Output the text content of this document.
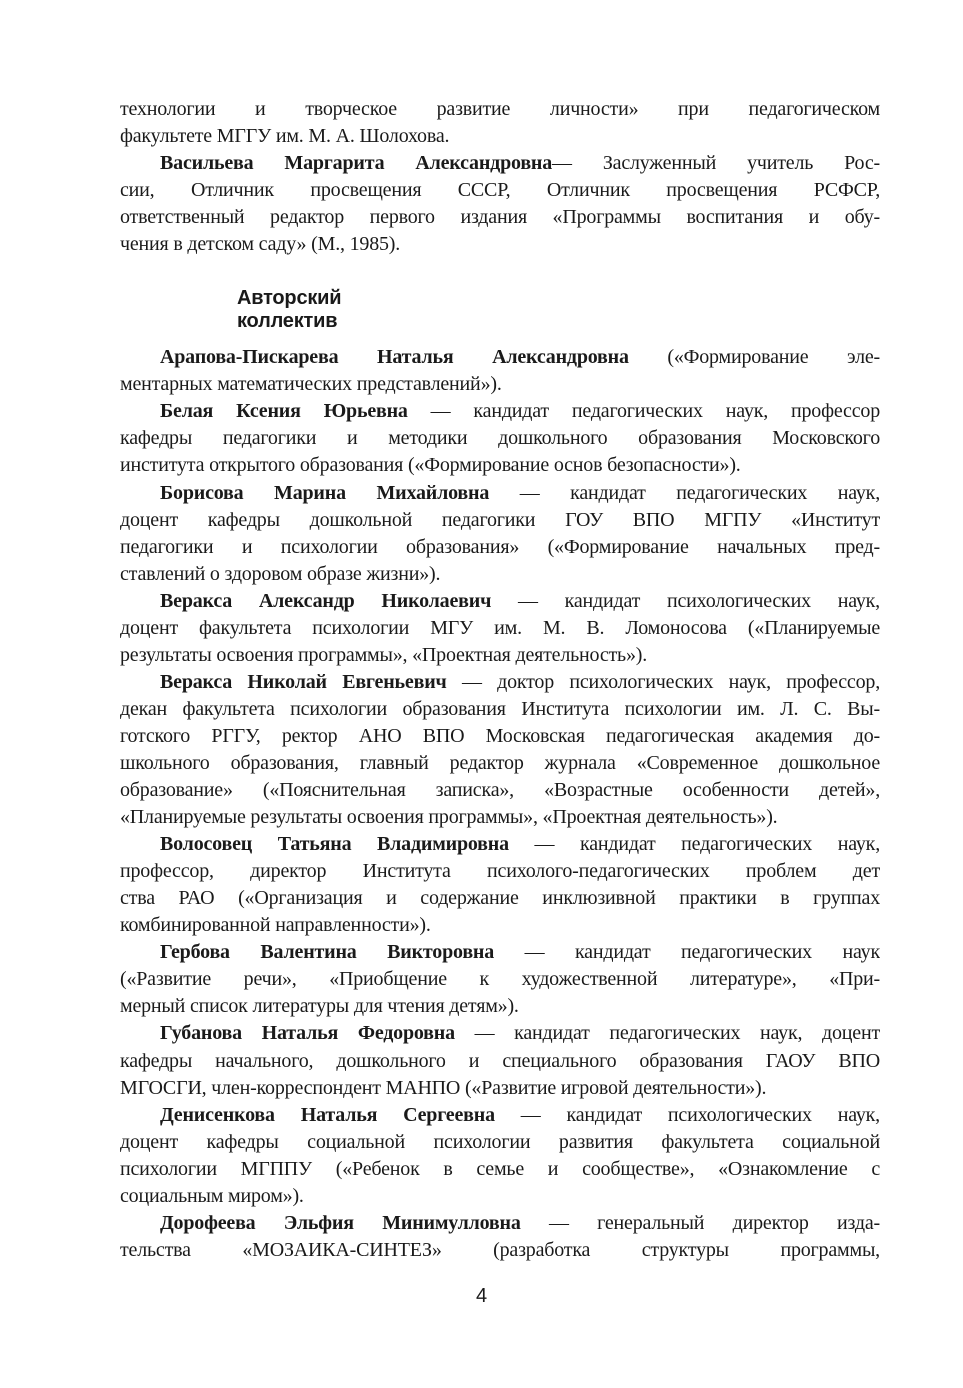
технологии и творческое развитие личности» при педагогическом
факультете МГГУ им. М. А. Шолохова.
Васильева Маргарита Александровна— Заслуженный учитель Рос-
сии, Отличник просвещения СССР, Отличник просвещения РСФСР,
ответственный редактор первого издания «Программы воспитания и обу-
чения в детском саду» (М., 1985).
Авторский
коллектив
Арапова-Пискарева Наталья Александровна («Формирование эле-
ментарных математических представлений»).
Белая Ксения Юрьевна — кандидат педагогических наук, профессор
кафедры педагогики и методики дошкольного образования Московского
института открытого образования («Формирование основ безопасности»).
Борисова Марина Михайловна — кандидат педагогических наук,
доцент кафедры дошкольной педагогики ГОУ ВПО МГПУ «Институт
педагогики и психологии образования» («Формирование начальных пред-
ставлений о здоровом образе жизни»).
Веракса Александр Николаевич — кандидат психологических наук,
доцент факультета психологии МГУ им. М. В. Ломоносова («Планируемые
результаты освоения программы», «Проектная деятельность»).
Веракса Николай Евгеньевич — доктор психологических наук, профессор,
декан факультета психологии образования Института психологии им. Л. С. Вы-
готского РГГУ, ректор АНО ВПО Московская педагогическая академия до-
школьного образования, главный редактор журнала «Современное дошкольное
образование» («Пояснительная записка», «Возрастные особенности детей»,
«Планируемые результаты освоения программы», «Проектная деятельность»).
Волосовец Татьяна Владимировна — кандидат педагогических наук,
профессор, директор Института психолого-педагогических проблем дет
ства РАО («Организация и содержание инклюзивной практики в группах
комбинированной направленности»).
Гербова Валентина Викторовна — кандидат педагогических наук
(«Развитие речи», «Приобщение к художественной литературе», «При-
мерный список литературы для чтения детям»).
Губанова Наталья Федоровна — кандидат педагогических наук, доцент
кафедры начального, дошкольного и специального образования ГАОУ ВПО
МГОСГИ, член-корреспондент МАНПО («Развитие игровой деятельности»).
Денисенкова Наталья Сергеевна — кандидат психологических наук,
доцент кафедры социальной психологии развития факультета социальной
психологии МГППУ («Ребенок в семье и сообществе», «Ознакомление с
социальным миром»).
Дорофеева Эльфия Минимулловна — генеральный директор изда-
тельства «МОЗАИКА-СИНТЕЗ» (разработка структуры программы,
4
